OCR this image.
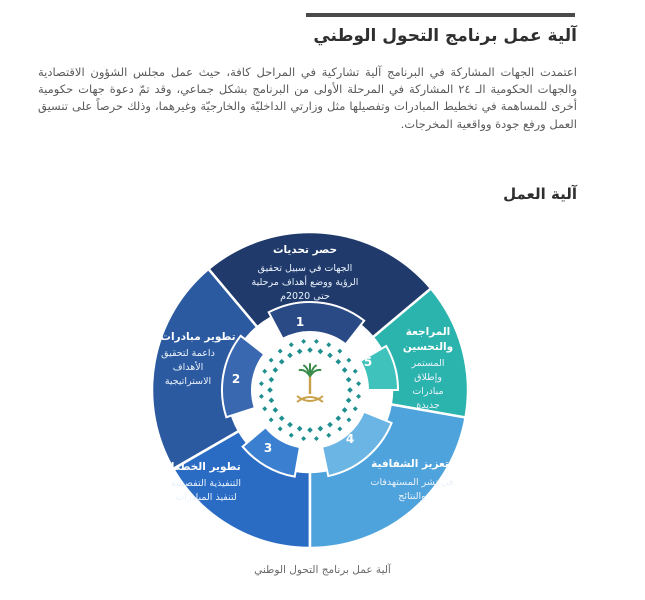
آلية عمل برنامج التحول الوطني

اعتمدت الجهات المشاركة في البرنامج آلية تشاركية في المراحل كافة، حيث عمل مجلس الشؤون الاقتصادية والجهات الحكومية الـ ٢٤ المشاركة في المرحلة الأولى من البرنامج بشكل جماعي، وقد تمّ دعوة جهات حكومية أخرى للمساهمة في تخطيط المبادرات وتفصيلها مثل وزارتي الداخليّة والخارجيّة وغيرهما، وذلك حرصاً على تنسيق العمل ورفع جودة وواقعية المخرجات.

آلية العمل
1
حصر تحديات
الجهات في سبيل تحقيق
الرؤية ووضع أهداف مرحلية
حتى 2020م
2
تطوير مبادرات
داعمة لتحقيق
الأهداف
الاستراتيجية
3
تطوير الخطط
التنفيذية التفصيلية
لتنفيذ المبادرات
4
تعزيز الشفافية
في نشر المستهدفات
والنتائج
5
المراجعة
والتحسين
المستمر
وإطلاق
مبادرات
جديدة
آلية عمل برنامج التحول الوطني
